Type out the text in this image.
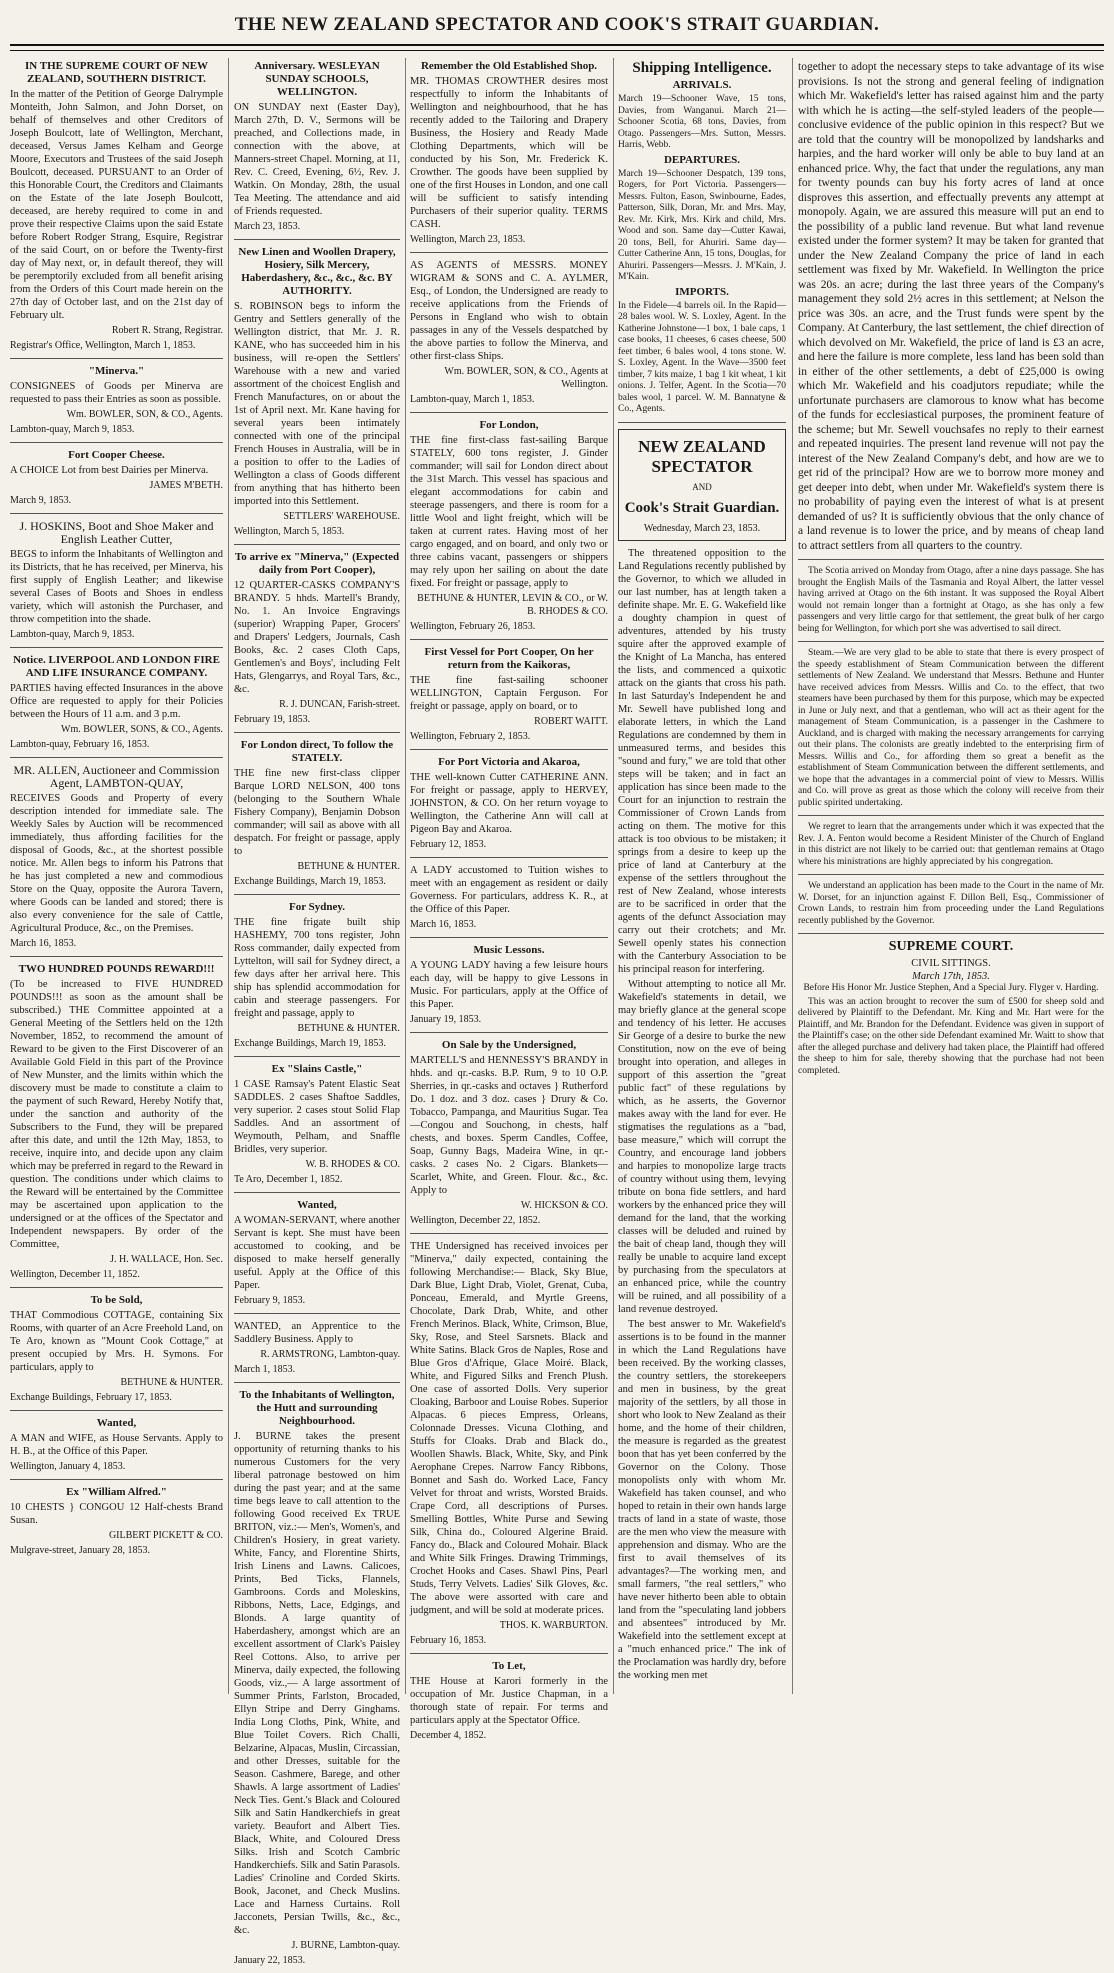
THE NEW ZEALAND SPECTATOR AND COOK'S STRAIT GUARDIAN.

IN THE SUPREME COURT OF NEW ZEALAND, SOUTHERN DISTRICT.

In the matter of the Petition of George Dalrymple Monteith, John Salmon, and John Dorset, on behalf of themselves and other Creditors of Joseph Boulcott, late of Wellington, Merchant, deceased, Versus James Kelham and George Moore, Executors and Trustees of the said Joseph Boulcott, deceased. PURSUANT to an Order of this Honorable Court, the Creditors and Claimants on the Estate of the late Joseph Boulcott, deceased, are hereby required to come in and prove their respective Claims upon the said Estate before Robert Rodger Strang, Esquire, Registrar of the said Court, on or before the Twenty-first day of May next, or, in default thereof, they will be peremptorily excluded from all benefit arising from the Orders of this Court made herein on the 27th day of October last, and on the 21st day of February ult.

Robert R. Strang, Registrar.

Registrar's Office, Wellington, March 1, 1853.

"Minerva."

CONSIGNEES of Goods per Minerva are requested to pass their Entries as soon as possible.

Wm. BOWLER, SON, & CO., Agents.

Lambton-quay, March 9, 1853.

Fort Cooper Cheese.

A CHOICE Lot from best Dairies per Minerva.

JAMES M'BETH.

March 9, 1853.

J. HOSKINS, Boot and Shoe Maker and English Leather Cutter,

BEGS to inform the Inhabitants of Wellington and its Districts, that he has received, per Minerva, his first supply of English Leather; and likewise several Cases of Boots and Shoes in endless variety, which will astonish the Purchaser, and throw competition into the shade.

Lambton-quay, March 9, 1853.

Notice. LIVERPOOL AND LONDON FIRE AND LIFE INSURANCE COMPANY.

PARTIES having effected Insurances in the above Office are requested to apply for their Policies between the Hours of 11 a.m. and 3 p.m.

Wm. BOWLER, SONS, & CO., Agents.

Lambton-quay, February 16, 1853.

MR. ALLEN, Auctioneer and Commission Agent, LAMBTON-QUAY,

RECEIVES Goods and Property of every description intended for immediate sale. The Weekly Sales by Auction will be recommenced immediately, thus affording facilities for the disposal of Goods, &c., at the shortest possible notice. Mr. Allen begs to inform his Patrons that he has just completed a new and commodious Store on the Quay, opposite the Aurora Tavern, where Goods can be landed and stored; there is also every convenience for the sale of Cattle, Agricultural Produce, &c., on the Premises.

March 16, 1853.

TWO HUNDRED POUNDS REWARD!!!

(To be increased to FIVE HUNDRED POUNDS!!! as soon as the amount shall be subscribed.) THE Committee appointed at a General Meeting of the Settlers held on the 12th November, 1852, to recommend the amount of Reward to be given to the First Discoverer of an Available Gold Field in this part of the Province of New Munster, and the limits within which the discovery must be made to constitute a claim to the payment of such Reward, Hereby Notify that, under the sanction and authority of the Subscribers to the Fund, they will be prepared after this date, and until the 12th May, 1853, to receive, inquire into, and decide upon any claim which may be preferred in regard to the Reward in question. The conditions under which claims to the Reward will be entertained by the Committee may be ascertained upon application to the undersigned or at the offices of the Spectator and Independent newspapers. By order of the Committee,

J. H. WALLACE, Hon. Sec.

Wellington, December 11, 1852.

To be Sold,

THAT Commodious COTTAGE, containing Six Rooms, with quarter of an Acre Freehold Land, on Te Aro, known as "Mount Cook Cottage," at present occupied by Mrs. H. Symons. For particulars, apply to

BETHUNE & HUNTER.

Exchange Buildings, February 17, 1853.

Wanted,

A MAN and WIFE, as House Servants. Apply to H. B., at the Office of this Paper.

Wellington, January 4, 1853.

Ex "William Alfred."

10 CHESTS } CONGOU 12 Half-chests Brand Susan.

GILBERT PICKETT & CO.

Mulgrave-street, January 28, 1853.

Anniversary. WESLEYAN SUNDAY SCHOOLS, WELLINGTON.

ON SUNDAY next (Easter Day), March 27th, D. V., Sermons will be preached, and Collections made, in connection with the above, at Manners-street Chapel. Morning, at 11, Rev. C. Creed, Evening, 6½, Rev. J. Watkin. On Monday, 28th, the usual Tea Meeting. The attendance and aid of Friends requested.

March 23, 1853.

New Linen and Woollen Drapery, Hosiery, Silk Mercery, Haberdashery, &c., &c., &c. BY AUTHORITY.

S. ROBINSON begs to inform the Gentry and Settlers generally of the Wellington district, that Mr. J. R. KANE, who has succeeded him in his business, will re-open the Settlers' Warehouse with a new and varied assortment of the choicest English and French Manufactures, on or about the 1st of April next. Mr. Kane having for several years been intimately connected with one of the principal French Houses in Australia, will be in a position to offer to the Ladies of Wellington a class of Goods different from anything that has hitherto been imported into this Settlement.

SETTLERS' WAREHOUSE.

Wellington, March 5, 1853.

To arrive ex "Minerva," (Expected daily from Port Cooper),

12 QUARTER-CASKS COMPANY'S BRANDY. 5 hhds. Martell's Brandy, No. 1. An Invoice Engravings (superior) Wrapping Paper, Grocers' and Drapers' Ledgers, Journals, Cash Books, &c. 2 cases Cloth Caps, Gentlemen's and Boys', including Felt Hats, Glengarrys, and Royal Tars, &c., &c.

R. J. DUNCAN, Farish-street.

February 19, 1853.

For London direct, To follow the STATELY.

THE fine new first-class clipper Barque LORD NELSON, 400 tons (belonging to the Southern Whale Fishery Company), Benjamin Dobson commander; will sail as above with all despatch. For freight or passage, apply to

BETHUNE & HUNTER.

Exchange Buildings, March 19, 1853.

For Sydney.

THE fine frigate built ship HASHEMY, 700 tons register, John Ross commander, daily expected from Lyttelton, will sail for Sydney direct, a few days after her arrival here. This ship has splendid accommodation for cabin and steerage passengers. For freight and passage, apply to

BETHUNE & HUNTER.

Exchange Buildings, March 19, 1853.

Ex "Slains Castle,"

1 CASE Ramsay's Patent Elastic Seat SADDLES. 2 cases Shaftoe Saddles, very superior. 2 cases stout Solid Flap Saddles. And an assortment of Weymouth, Pelham, and Snaffle Bridles, very superior.

W. B. RHODES & CO.

Te Aro, December 1, 1852.

Wanted,

A WOMAN-SERVANT, where another Servant is kept. She must have been accustomed to cooking, and be disposed to make herself generally useful. Apply at the Office of this Paper.

February 9, 1853.

WANTED, an Apprentice to the Saddlery Business. Apply to

R. ARMSTRONG, Lambton-quay.

March 1, 1853.

To the Inhabitants of Wellington, the Hutt and surrounding Neighbourhood.

J. BURNE takes the present opportunity of returning thanks to his numerous Customers for the very liberal patronage bestowed on him during the past year; and at the same time begs leave to call attention to the following Good received Ex TRUE BRITON, viz.:— Men's, Women's, and Children's Hosiery, in great variety. White, Fancy, and Florentine Shirts, Irish Linens and Lawns. Calicoes, Prints, Bed Ticks, Flannels, Gambroons. Cords and Moleskins, Ribbons, Netts, Lace, Edgings, and Blonds. A large quantity of Haberdashery, amongst which are an excellent assortment of Clark's Paisley Reel Cottons. Also, to arrive per Minerva, daily expected, the following Goods, viz.,— A large assortment of Summer Prints, Farlston, Brocaded, Ellyn Stripe and Derry Ginghams. India Long Cloths, Pink, White, and Blue Toilet Covers. Rich Challi, Belzarine, Alpacas, Muslin, Circassian, and other Dresses, suitable for the Season. Cashmere, Barege, and other Shawls. A large assortment of Ladies' Neck Ties. Gent.'s Black and Coloured Silk and Satin Handkerchiefs in great variety. Beaufort and Albert Ties. Black, White, and Coloured Dress Silks. Irish and Scotch Cambric Handkerchiefs. Silk and Satin Parasols. Ladies' Crinoline and Corded Skirts. Book, Jaconet, and Check Muslins. Lace and Harness Curtains. Roll Jacconets, Persian Twills, &c., &c., &c.

J. BURNE, Lambton-quay.

January 22, 1853.

Remember the Old Established Shop.

MR. THOMAS CROWTHER desires most respectfully to inform the Inhabitants of Wellington and neighbourhood, that he has recently added to the Tailoring and Drapery Business, the Hosiery and Ready Made Clothing Departments, which will be conducted by his Son, Mr. Frederick K. Crowther. The goods have been supplied by one of the first Houses in London, and one call will be sufficient to satisfy intending Purchasers of their superior quality. TERMS CASH.

Wellington, March 23, 1853.

AS AGENTS of MESSRS. MONEY WIGRAM & SONS and C. A. AYLMER, Esq., of London, the Undersigned are ready to receive applications from the Friends of Persons in England who wish to obtain passages in any of the Vessels despatched by the above parties to follow the Minerva, and other first-class Ships.

Wm. BOWLER, SON, & CO., Agents at Wellington.

Lambton-quay, March 1, 1853.

For London,

THE fine first-class fast-sailing Barque STATELY, 600 tons register, J. Ginder commander; will sail for London direct about the 31st March. This vessel has spacious and elegant accommodations for cabin and steerage passengers, and there is room for a little Wool and light freight, which will be taken at current rates. Having most of her cargo engaged, and on board, and only two or three cabins vacant, passengers or shippers may rely upon her sailing on about the date fixed. For freight or passage, apply to

BETHUNE & HUNTER, LEVIN & CO., or W. B. RHODES & CO.

Wellington, February 26, 1853.

First Vessel for Port Cooper, On her return from the Kaikoras,

THE fine fast-sailing schooner WELLINGTON, Captain Ferguson. For freight or passage, apply on board, or to

ROBERT WAITT.

Wellington, February 2, 1853.

For Port Victoria and Akaroa,

THE well-known Cutter CATHERINE ANN. For freight or passage, apply to HERVEY, JOHNSTON, & CO. On her return voyage to Wellington, the Catherine Ann will call at Pigeon Bay and Akaroa.

February 12, 1853.

A LADY accustomed to Tuition wishes to meet with an engagement as resident or daily Governess. For particulars, address K. R., at the Office of this Paper.

March 16, 1853.

Music Lessons.

A YOUNG LADY having a few leisure hours each day, will be happy to give Lessons in Music. For particulars, apply at the Office of this Paper.

January 19, 1853.

On Sale by the Undersigned,

MARTELL'S and HENNESSY'S BRANDY in hhds. and qr.-casks. B.P. Rum, 9 to 10 O.P. Sherries, in qr.-casks and octaves } Rutherford Do. 1 doz. and 3 doz. cases } Drury & Co. Tobacco, Pampanga, and Mauritius Sugar. Tea—Congou and Souchong, in chests, half chests, and boxes. Sperm Candles, Coffee, Soap, Gunny Bags, Madeira Wine, in qr.-casks. 2 cases No. 2 Cigars. Blankets—Scarlet, White, and Green. Flour. &c., &c. Apply to

W. HICKSON & CO.

Wellington, December 22, 1852.

THE Undersigned has received invoices per "Minerva," daily expected, containing the following Merchandise:— Black, Sky Blue, Dark Blue, Light Drab, Violet, Grenat, Cuba, Ponceau, Emerald, and Myrtle Greens, Chocolate, Dark Drab, White, and other French Merinos. Black, White, Crimson, Blue, Sky, Rose, and Steel Sarsnets. Black and White Satins. Black Gros de Naples, Rose and Blue Gros d'Afrique, Glace Moiré. Black, White, and Figured Silks and French Plush. One case of assorted Dolls. Very superior Cloaking, Barboor and Louise Robes. Superior Alpacas. 6 pieces Empress, Orleans, Colonnade Dresses. Vicuna Clothing, and Stuffs for Cloaks. Drab and Black do., Woollen Shawls. Black, White, Sky, and Pink Aerophane Crepes. Narrow Fancy Ribbons, Bonnet and Sash do. Worked Lace, Fancy Velvet for throat and wrists, Worsted Braids. Crape Cord, all descriptions of Purses. Smelling Bottles, White Purse and Sewing Silk, China do., Coloured Algerine Braid. Fancy do., Black and Coloured Mohair. Black and White Silk Fringes. Drawing Trimmings, Crochet Hooks and Cases. Shawl Pins, Pearl Studs, Terry Velvets. Ladies' Silk Gloves, &c. The above were assorted with care and judgment, and will be sold at moderate prices.

THOS. K. WARBURTON.

February 16, 1853.

To Let,

THE House at Karori formerly in the occupation of Mr. Justice Chapman, in a thorough state of repair. For terms and particulars apply at the Spectator Office.

December 4, 1852.

Shipping Intelligence.

ARRIVALS.

March 19—Schooner Wave, 15 tons, Davies, from Wanganui. March 21—Schooner Scotia, 68 tons, Davies, from Otago. Passengers—Mrs. Sutton, Messrs. Harris, Webb.

DEPARTURES.

March 19—Schooner Despatch, 139 tons, Rogers, for Port Victoria. Passengers—Messrs. Fulton, Eason, Swinbourne, Eades, Patterson, Silk, Doran, Mr. and Mrs. May, Rev. Mr. Kirk, Mrs. Kirk and child, Mrs. Wood and son. Same day—Cutter Kawai, 20 tons, Bell, for Ahuriri. Same day—Cutter Catherine Ann, 15 tons, Douglas, for Ahuriri. Passengers—Messrs. J. M'Kain, J. M'Kain.

IMPORTS.

In the Fidele—4 barrels oil. In the Rapid—28 bales wool. W. S. Loxley, Agent. In the Katherine Johnstone—1 box, 1 bale caps, 1 case books, 11 cheeses, 6 cases cheese, 500 feet timber, 6 bales wool, 4 tons stone. W. S. Loxley, Agent. In the Wave—3500 feet timber, 7 kits maize, 1 bag 1 kit wheat, 1 kit onions. J. Telfer, Agent. In the Scotia—70 bales wool, 1 parcel. W. M. Bannatyne & Co., Agents.

NEW ZEALAND SPECTATOR

AND

Cook's Strait Guardian.

Wednesday, March 23, 1853.

The threatened opposition to the Land Regulations recently published by the Governor, to which we alluded in our last number, has at length taken a definite shape. Mr. E. G. Wakefield like a doughty champion in quest of adventures, attended by his trusty squire after the approved example of the Knight of La Mancha, has entered the lists, and commenced a quixotic attack on the giants that cross his path. In last Saturday's Independent he and Mr. Sewell have published long and elaborate letters, in which the Land Regulations are condemned by them in unmeasured terms, and besides this "sound and fury," we are told that other steps will be taken; and in fact an application has since been made to the Court for an injunction to restrain the Commissioner of Crown Lands from acting on them. The motive for this attack is too obvious to be mistaken; it springs from a desire to keep up the price of land at Canterbury at the expense of the settlers throughout the rest of New Zealand, whose interests are to be sacrificed in order that the agents of the defunct Association may carry out their crotchets; and Mr. Sewell openly states his connection with the Canterbury Association to be his principal reason for interfering.

Without attempting to notice all Mr. Wakefield's statements in detail, we may briefly glance at the general scope and tendency of his letter. He accuses Sir George of a desire to burke the new Constitution, now on the eve of being brought into operation, and alleges in support of this assertion the "great public fact" of these regulations by which, as he asserts, the Governor makes away with the land for ever. He stigmatises the regulations as a "bad, base measure," which will corrupt the Country, and encourage land jobbers and harpies to monopolize large tracts of country without using them, levying tribute on bona fide settlers, and hard workers by the enhanced price they will demand for the land, that the working classes will be deluded and ruined by the bait of cheap land, though they will really be unable to acquire land except by purchasing from the speculators at an enhanced price, while the country will be ruined, and all possibility of a land revenue destroyed.

The best answer to Mr. Wakefield's assertions is to be found in the manner in which the Land Regulations have been received. By the working classes, the country settlers, the storekeepers and men in business, by the great majority of the settlers, by all those in short who look to New Zealand as their home, and the home of their children, the measure is regarded as the greatest boon that has yet been conferred by the Governor on the Colony. Those monopolists only with whom Mr. Wakefield has taken counsel, and who hoped to retain in their own hands large tracts of land in a state of waste, those are the men who view the measure with apprehension and dismay. Who are the first to avail themselves of its advantages?—The working men, and small farmers, "the real settlers," who have never hitherto been able to obtain land from the "speculating land jobbers and absentees" introduced by Mr. Wakefield into the settlement except at a "much enhanced price." The ink of the Proclamation was hardly dry, before the working men met

together to adopt the necessary steps to take advantage of its wise provisions. Is not the strong and general feeling of indignation which Mr. Wakefield's letter has raised against him and the party with which he is acting—the self-styled leaders of the people—conclusive evidence of the public opinion in this respect? But we are told that the country will be monopolized by landsharks and harpies, and the hard worker will only be able to buy land at an enhanced price. Why, the fact that under the regulations, any man for twenty pounds can buy his forty acres of land at once disproves this assertion, and effectually prevents any attempt at monopoly. Again, we are assured this measure will put an end to the possibility of a public land revenue. But what land revenue existed under the former system? It may be taken for granted that under the New Zealand Company the price of land in each settlement was fixed by Mr. Wakefield. In Wellington the price was 20s. an acre; during the last three years of the Company's management they sold 2½ acres in this settlement; at Nelson the price was 30s. an acre, and the Trust funds were spent by the Company. At Canterbury, the last settlement, the chief direction of which devolved on Mr. Wakefield, the price of land is £3 an acre, and here the failure is more complete, less land has been sold than in either of the other settlements, a debt of £25,000 is owing which Mr. Wakefield and his coadjutors repudiate; while the unfortunate purchasers are clamorous to know what has become of the funds for ecclesiastical purposes, the prominent feature of the scheme; but Mr. Sewell vouchsafes no reply to their earnest and repeated inquiries. The present land revenue will not pay the interest of the New Zealand Company's debt, and how are we to get rid of the principal? How are we to borrow more money and get deeper into debt, when under Mr. Wakefield's system there is no probability of paying even the interest of what is at present demanded of us? It is sufficiently obvious that the only chance of a land revenue is to lower the price, and by means of cheap land to attract settlers from all quarters to the country.

The Scotia arrived on Monday from Otago, after a nine days passage. She has brought the English Mails of the Tasmania and Royal Albert, the latter vessel having arrived at Otago on the 6th instant. It was supposed the Royal Albert would not remain longer than a fortnight at Otago, as she has only a few passengers and very little cargo for that settlement, the great bulk of her cargo being for Wellington, for which port she was advertised to sail direct.

Steam.—We are very glad to be able to state that there is every prospect of the speedy establishment of Steam Communication between the different settlements of New Zealand. We understand that Messrs. Bethune and Hunter have received advices from Messrs. Willis and Co. to the effect, that two steamers have been purchased by them for this purpose, which may be expected in June or July next, and that a gentleman, who will act as their agent for the management of Steam Communication, is a passenger in the Cashmere to Auckland, and is charged with making the necessary arrangements for carrying out their plans. The colonists are greatly indebted to the enterprising firm of Messrs. Willis and Co., for affording them so great a benefit as the establishment of Steam Communication between the different settlements, and we hope that the advantages in a commercial point of view to Messrs. Willis and Co. will prove as great as those which the colony will receive from their public spirited undertaking.

We regret to learn that the arrangements under which it was expected that the Rev. J. A. Fenton would become a Resident Minister of the Church of England in this district are not likely to be carried out: that gentleman remains at Otago where his ministrations are highly appreciated by his congregation.

We understand an application has been made to the Court in the name of Mr. W. Dorset, for an injunction against F. Dillon Bell, Esq., Commissioner of Crown Lands, to restrain him from proceeding under the Land Regulations recently published by the Governor.

SUPREME COURT.

CIVIL SITTINGS.

March 17th, 1853.

Before His Honor Mr. Justice Stephen, And a Special Jury. Flyger v. Harding.

This was an action brought to recover the sum of £500 for sheep sold and delivered by Plaintiff to the Defendant. Mr. King and Mr. Hart were for the Plaintiff, and Mr. Brandon for the Defendant. Evidence was given in support of the Plaintiff's case; on the other side Defendant examined Mr. Waitt to show that after the alleged purchase and delivery had taken place, the Plaintiff had offered the sheep to him for sale, thereby showing that the purchase had not been completed.
